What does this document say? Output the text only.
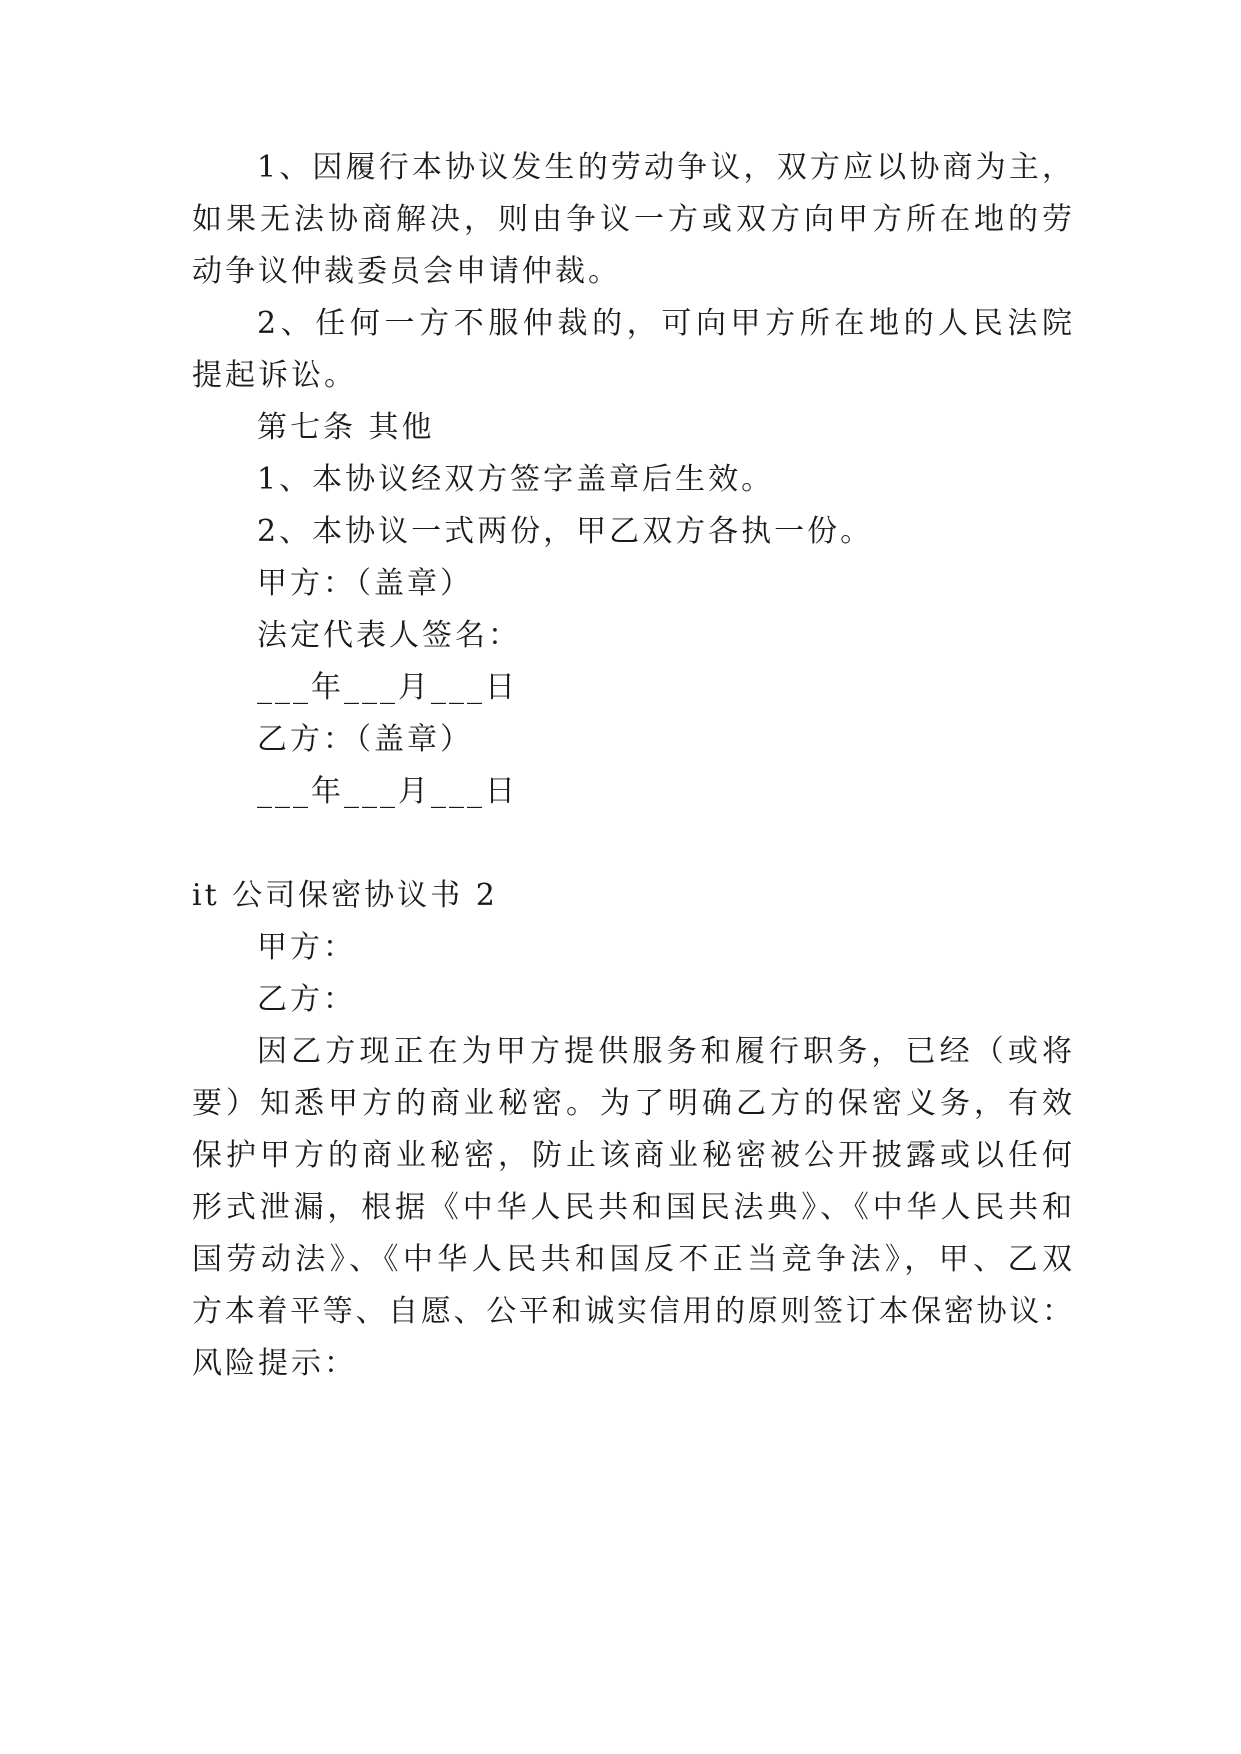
1、因履行本协议发生的劳动争议，双方应以协商为主，
如果无法协商解决，则由争议一方或双方向甲方所在地的劳
动争议仲裁委员会申请仲裁。
2、任何一方不服仲裁的，可向甲方所在地的人民法院
提起诉讼。
第七条 其他
1、本协议经双方签字盖章后生效。
2、本协议一式两份，甲乙双方各执一份。
甲方：（盖章）
法定代表人签名：
___年___月___日
乙方：（盖章）
___年___月___日
it 公司保密协议书 2
甲方：
乙方：
因乙方现正在为甲方提供服务和履行职务，已经（或将
要）知悉甲方的商业秘密。为了明确乙方的保密义务，有效
保护甲方的商业秘密，防止该商业秘密被公开披露或以任何
形式泄漏，根据《中华人民共和国民法典》、《中华人民共和
国劳动法》、《中华人民共和国反不正当竞争法》，甲、乙双
方本着平等、自愿、公平和诚实信用的原则签订本保密协议：
风险提示：
